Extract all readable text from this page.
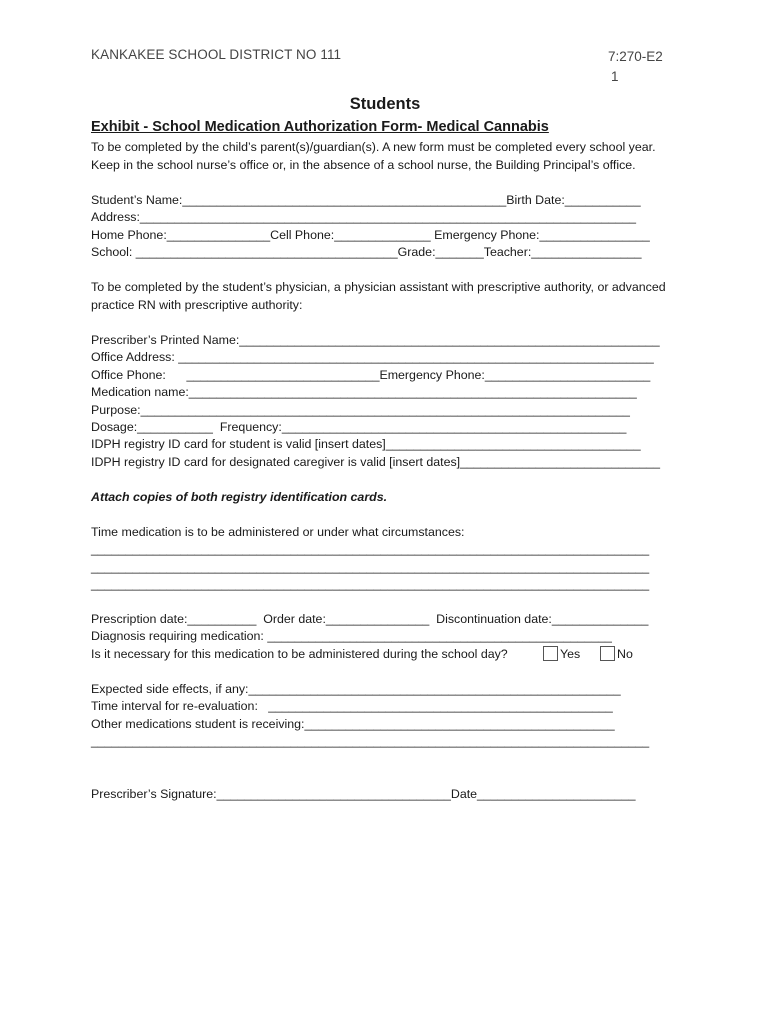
KANKAKEE SCHOOL DISTRICT NO 111	7:270-E2
1
Students
Exhibit - School Medication Authorization Form- Medical Cannabis
To be completed by the child’s parent(s)/guardian(s). A new form must be completed every school year.
Keep in the school nurse’s office or, in the absence of a school nurse, the Building Principal’s office.
Student’s Name:_______________________________________________Birth Date:___________
Address:________________________________________________________________________
Home Phone:_______________Cell Phone:______________ Emergency Phone:________________
School: ______________________________________Grade:_______Teacher:________________
To be completed by the student’s physician, a physician assistant with prescriptive authority, or advanced
practice RN with prescriptive authority:
Prescriber’s Printed Name:_____________________________________________________________
Office Address: _____________________________________________________________________
Office Phone:      ____________________________Emergency Phone:________________________
Medication name:_________________________________________________________________
Purpose:_______________________________________________________________________
Dosage:___________  Frequency:__________________________________________________
IDPH registry ID card for student is valid [insert dates]_____________________________________
IDPH registry ID card for designated caregiver is valid [insert dates]_____________________________
Attach copies of both registry identification cards.
Time medication is to be administered or under what circumstances:
_________________________________________________________________________________
_________________________________________________________________________________
_________________________________________________________________________________
Prescription date:__________  Order date:_______________  Discontinuation date:______________
Diagnosis requiring medication: __________________________________________________
Is it necessary for this medication to be administered during the school day?	Yes	No
Expected side effects, if any:______________________________________________________
Time interval for re-evaluation:   __________________________________________________
Other medications student is receiving:_____________________________________________
_________________________________________________________________________________
Prescriber’s Signature:__________________________________Date_______________________
